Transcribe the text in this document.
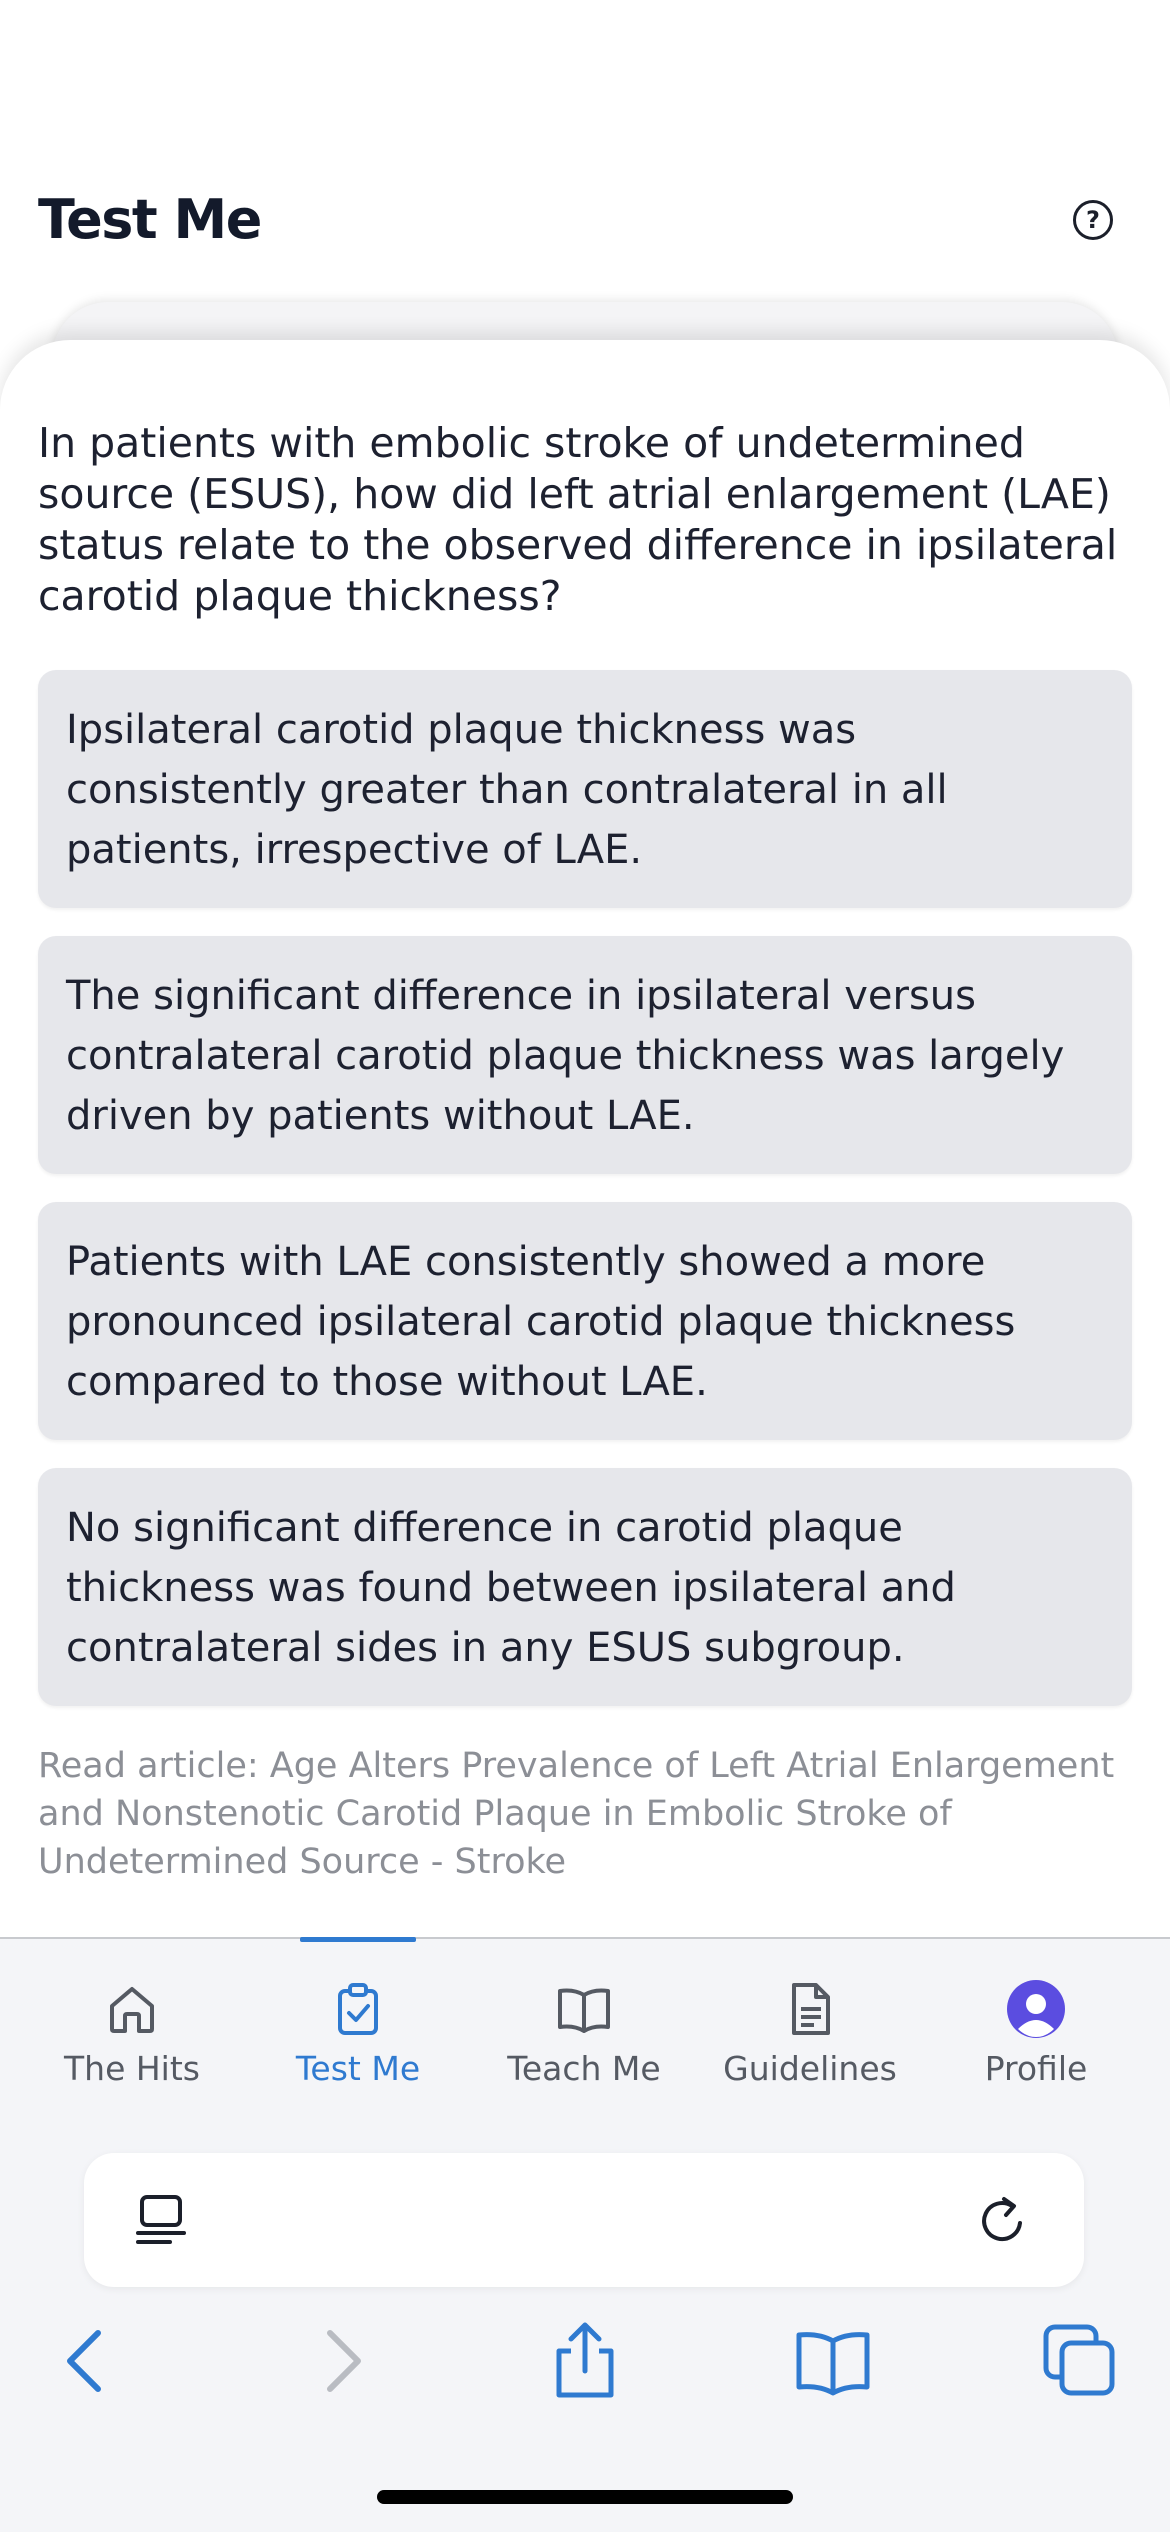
Test Me	?

In patients with embolic stroke of undetermined source (ESUS), how did left atrial enlargement (LAE) status relate to the observed difference in ipsilateral carotid plaque thickness?

Ipsilateral carotid plaque thickness was consistently greater than contralateral in all patients, irrespective of LAE.
The significant difference in ipsilateral versus contralateral carotid plaque thickness was largely driven by patients without LAE.
Patients with LAE consistently showed a more pronounced ipsilateral carotid plaque thickness compared to those without LAE.
No significant difference in carotid plaque thickness was found between ipsilateral and contralateral sides in any ESUS subgroup.

Read article: Age Alters Prevalence of Left Atrial Enlargement and Nonstenotic Carotid Plaque in Embolic Stroke of Undetermined Source - Stroke

The Hits	Test Me	Teach Me Guidelines	Profile
